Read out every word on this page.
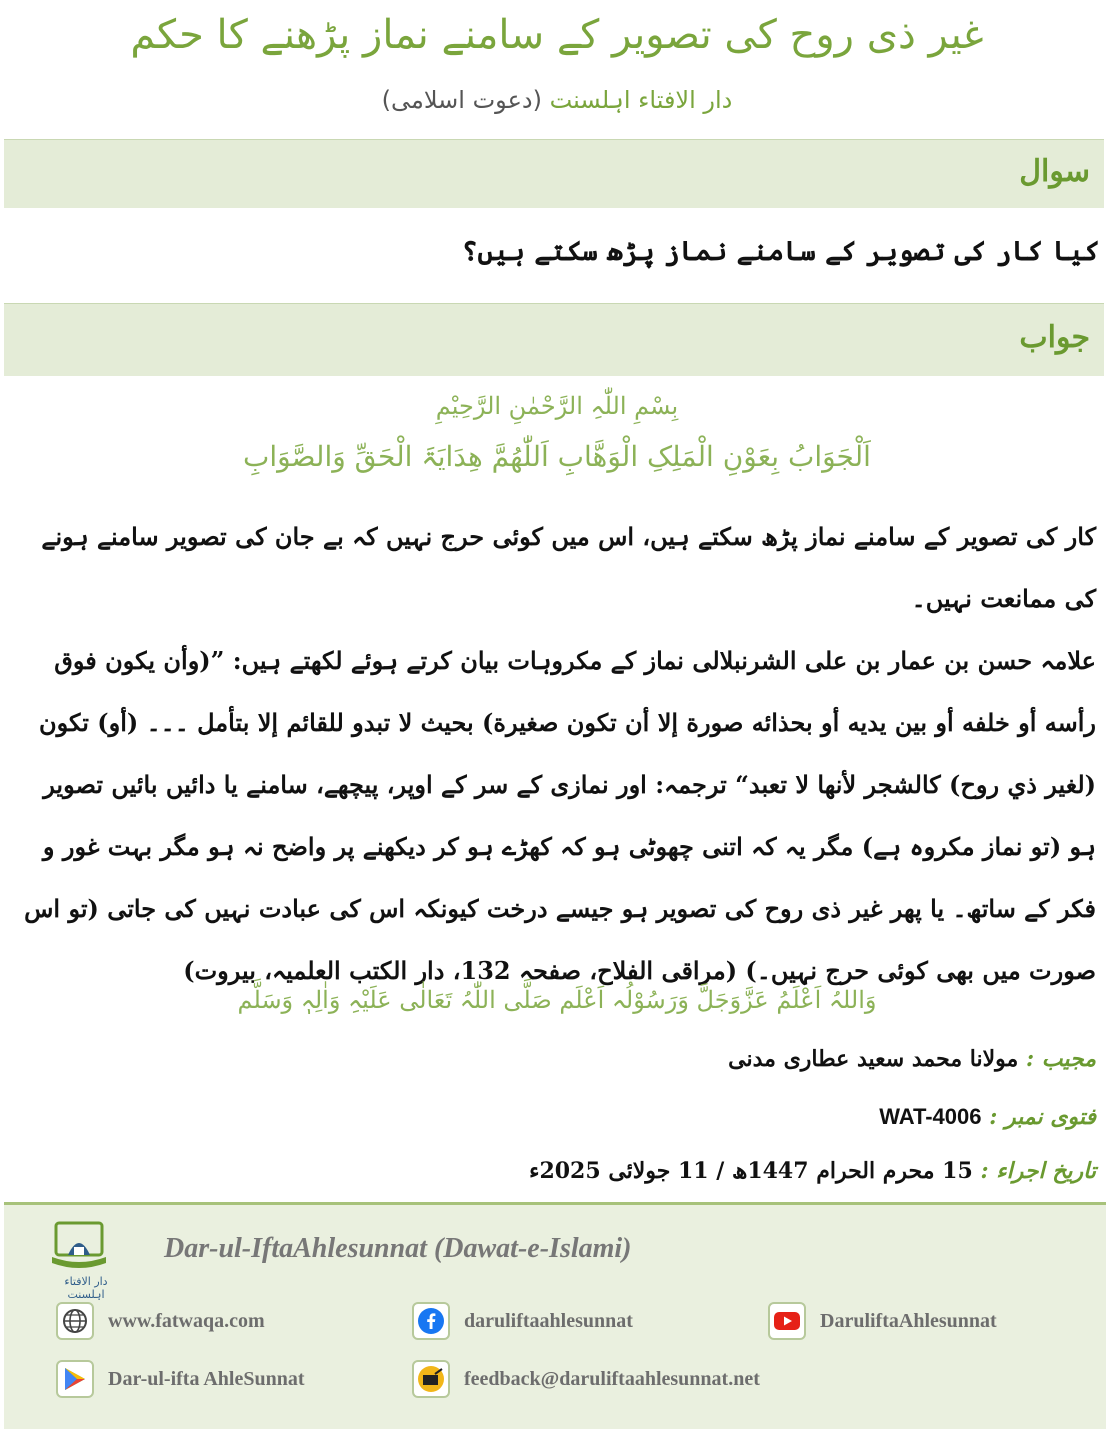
غیر ذی روح کی تصویر کے سامنے نماز پڑھنے کا حکم
دار الافتاء اہلسنت (دعوت اسلامی)
سوال
کیا کار کی تصویر کے سامنے نماز پڑھ سکتے ہیں؟
جواب
بِسْمِ اللّٰہِ الرَّحْمٰنِ الرَّحِیْمِ
اَلْجَوَابُ بِعَوْنِ الْمَلِکِ الْوَھَّابِ اَللّٰھُمَّ ھِدَایَۃَ الْحَقِّ وَالصَّوَابِ

کار کی تصویر کے سامنے نماز پڑھ سکتے ہیں، اس میں کوئی حرج نہیں کہ بے جان کی تصویر سامنے ہونے کی ممانعت نہیں۔

علامہ حسن بن عمار بن علی الشرنبلالی نماز کے مکروہات بیان کرتے ہوئے لکھتے ہیں: ”(وأن يكون فوق رأسه أو خلفه أو بين يديه أو بحذائه صورة إلا أن تكون صغيرة) بحيث لا تبدو للقائم إلا بتأمل ۔۔۔ (أو) تكون (لغير ذي روح) كالشجر لأنها لا تعبد“ ترجمہ: اور نمازی کے سر کے اوپر، پیچھے، سامنے یا دائیں بائیں تصویر ہو (تو نماز مکروہ ہے) مگر یہ کہ اتنی چھوٹی ہو کہ کھڑے ہو کر دیکھنے پر واضح نہ ہو مگر بہت غور و فکر کے ساتھ۔ یا پھر غیر ذی روح کی تصویر ہو جیسے درخت کیونکہ اس کی عبادت نہیں کی جاتی (تو اس صورت میں بھی کوئی حرج نہیں۔) (مراقی الفلاح، صفحہ 132، دار الکتب العلمیہ، بیروت)

وَاللہُ اَعْلَمُ عَزَّوَجَلَّ وَرَسُوْلُہ اَعْلَم صَلَّی اللّٰہُ تَعَالٰی عَلَیْہِ وَاٰلِہٖ وَسَلَّم
مجیب : مولانا محمد سعید عطاری مدنی
فتوی نمبر : WAT-4006
تاریخ اجراء : 15 محرم الحرام 1447ھ / 11 جولائی 2025ء
دار الافتاء اہلسنت
Dar-ul-IftaAhlesunnat (Dawat-e-Islami)
www.fatwaqa.com	daruliftaahlesunnat	DaruliftaAhlesunnat
Dar-ul-ifta AhleSunnat	feedback@daruliftaahlesunnat.net
